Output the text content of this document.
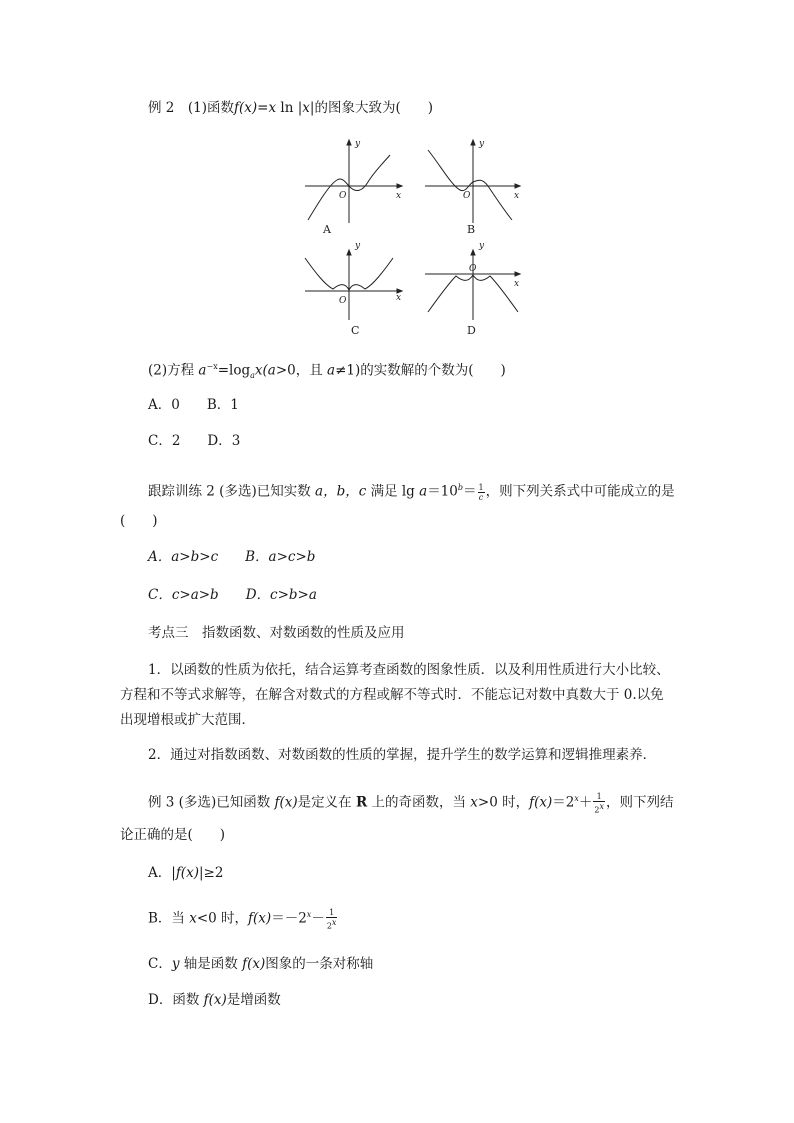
例 2　 (1)函数f(x)=x ln |x|的图象大致为(　　)
y
x
O
y
x
O
y
x
O
y
x
O
A	B
C	D
(2)方程 $a^{-x}=\log_ax(a>0$，且 a≠1)的实数解的个数为(　　)
A．0　　B．1
C．2　　D．3
跟踪训练 2 (多选)已知实数 a，b，c 满足 $\lg a=10^b= \frac{1}{c}$ ，则下列关系式中可能成立的是
(　　)
A．a>b>c　　 B．a>c>b
C．c>a>b　　 D．c>b>a
考点三　指数函数、对数函数的性质及应用
1．以函数的性质为依托，结合运算考查函数的图象性质．以及利用性质进行大小比较、
方程和不等式求解等，在解含对数式的方程或解不等式时．不能忘记对数中真数大于 0.以免
出现增根或扩大范围．
2．通过对指数函数、对数函数的性质的掌握，提升学生的数学运算和逻辑推理素养．
例 3 (多选)已知函数 f(x)是定义在 R 上的奇函数，当 x>0 时，$f(x)=2^x+ \frac{1}{2^x}$ ，则下列结
论正确的是(　　)
A．|f(x)|≥2
B．当 x<0 时，$f(x)=-2^x- \frac{1}{2^x}$
C．y 轴是函数 f(x)图象的一条对称轴
D．函数 f(x)是增函数
